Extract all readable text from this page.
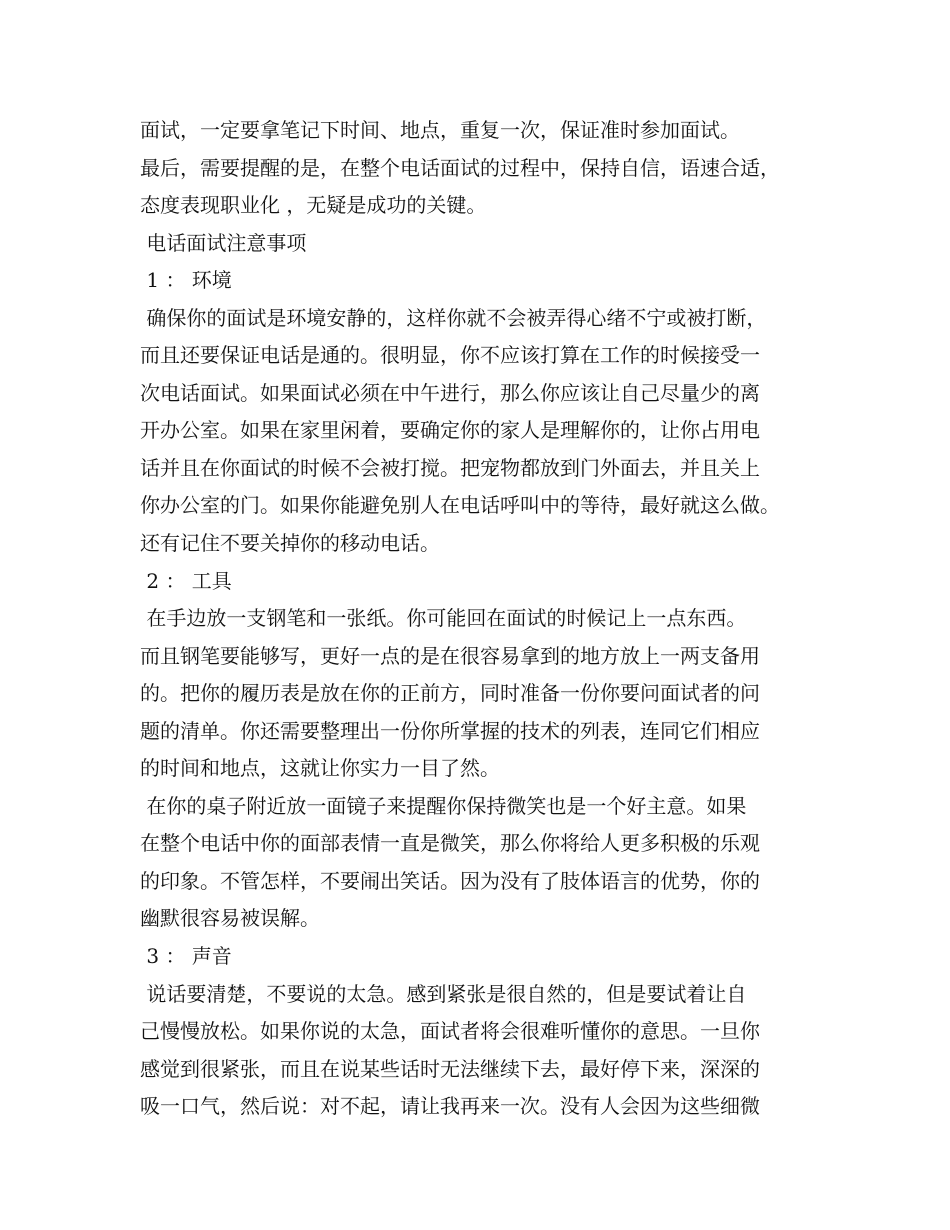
面试，一定要拿笔记下时间、地点，重复一次，保证准时参加面试。
最后，需要提醒的是，在整个电话面试的过程中，保持自信，语速合适，
态度表现职业化 ，无疑是成功的关键。
电话面试注意事项
1 ： 环境
确保你的面试是环境安静的，这样你就不会被弄得心绪不宁或被打断，
而且还要保证电话是通的。很明显，你不应该打算在工作的时候接受一
次电话面试。如果面试必须在中午进行，那么你应该让自己尽量少的离
开办公室。如果在家里闲着，要确定你的家人是理解你的，让你占用电
话并且在你面试的时候不会被打搅。把宠物都放到门外面去，并且关上
你办公室的门。如果你能避免别人在电话呼叫中的等待，最好就这么做。
还有记住不要关掉你的移动电话。
2 ： 工具
在手边放一支钢笔和一张纸。你可能回在面试的时候记上一点东西。
而且钢笔要能够写，更好一点的是在很容易拿到的地方放上一两支备用
的。把你的履历表是放在你的正前方，同时准备一份你要问面试者的问
题的清单。你还需要整理出一份你所掌握的技术的列表，连同它们相应
的时间和地点，这就让你实力一目了然。
在你的桌子附近放一面镜子来提醒你保持微笑也是一个好主意。如果
在整个电话中你的面部表情一直是微笑，那么你将给人更多积极的乐观
的印象。不管怎样，不要闹出笑话。因为没有了肢体语言的优势，你的
幽默很容易被误解。
3 ： 声音
说话要清楚，不要说的太急。感到紧张是很自然的，但是要试着让自
己慢慢放松。如果你说的太急，面试者将会很难听懂你的意思。一旦你
感觉到很紧张，而且在说某些话时无法继续下去，最好停下来，深深的
吸一口气，然后说：对不起，请让我再来一次。没有人会因为这些细微
